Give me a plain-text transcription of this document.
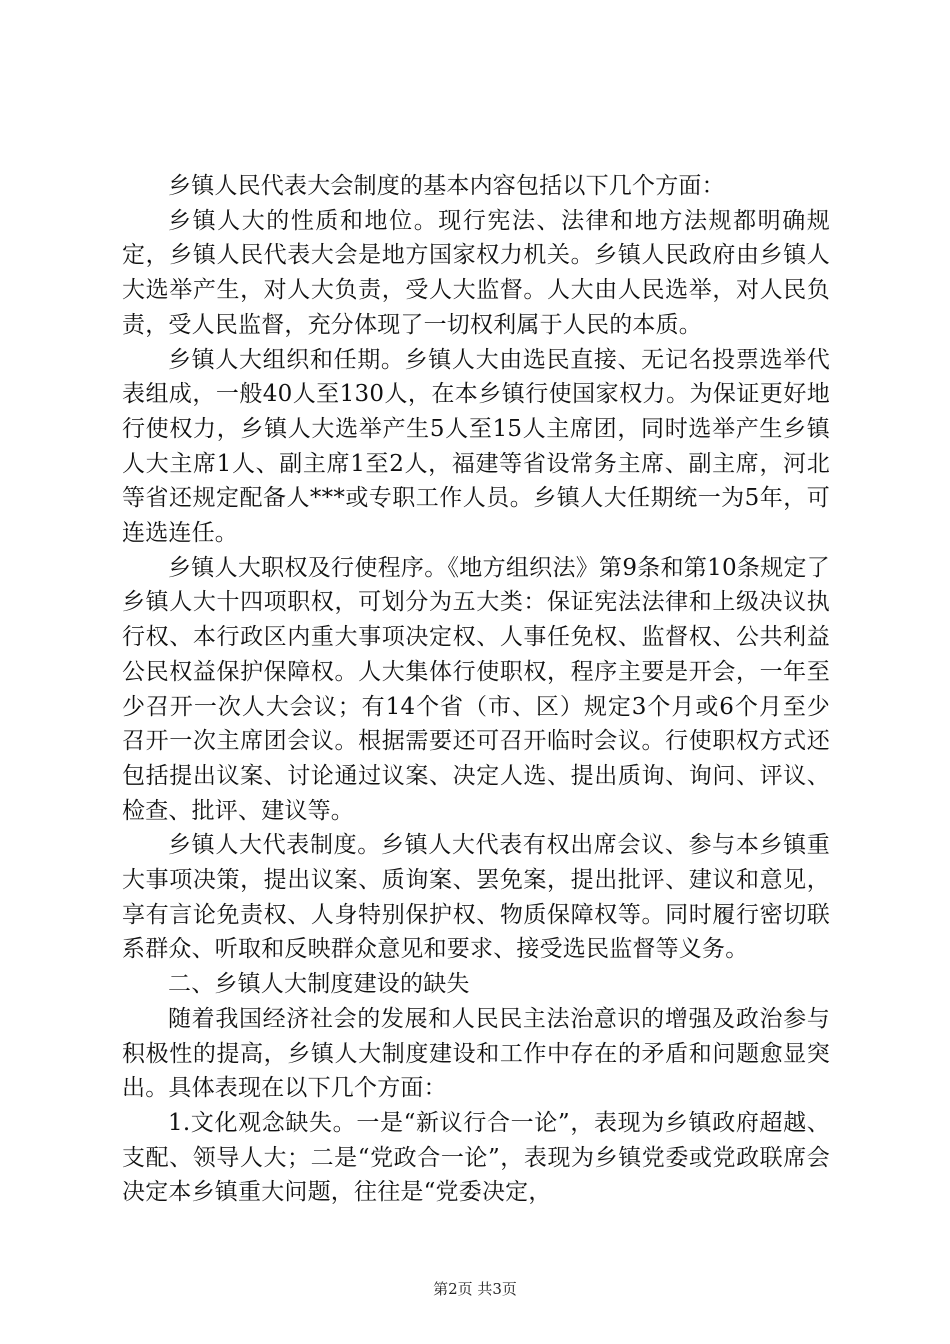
乡镇人民代表大会制度的基本内容包括以下几个方面：

乡镇人大的性质和地位。现行宪法、法律和地方法规都明确规定，乡镇人民代表大会是地方国家权力机关。乡镇人民政府由乡镇人大选举产生，对人大负责，受人大监督。人大由人民选举，对人民负责，受人民监督，充分体现了一切权利属于人民的本质。

乡镇人大组织和任期。乡镇人大由选民直接、无记名投票选举代表组成，一般40人至130人，在本乡镇行使国家权力。为保证更好地行使权力，乡镇人大选举产生5人至15人主席团，同时选举产生乡镇人大主席1人、副主席1至2人，福建等省设常务主席、副主席，河北等省还规定配备人***或专职工作人员。乡镇人大任期统一为5年，可连选连任。

乡镇人大职权及行使程序。《地方组织法》第9条和第10条规定了乡镇人大十四项职权，可划分为五大类：保证宪法法律和上级决议执行权、本行政区内重大事项决定权、人事任免权、监督权、公共利益公民权益保护保障权。人大集体行使职权，程序主要是开会，一年至少召开一次人大会议；有14个省（市、区）规定3个月或6个月至少召开一次主席团会议。根据需要还可召开临时会议。行使职权方式还包括提出议案、讨论通过议案、决定人选、提出质询、询问、评议、检查、批评、建议等。

乡镇人大代表制度。乡镇人大代表有权出席会议、参与本乡镇重大事项决策，提出议案、质询案、罢免案，提出批评、建议和意见，享有言论免责权、人身特别保护权、物质保障权等。同时履行密切联系群众、听取和反映群众意见和要求、接受选民监督等义务。

二、乡镇人大制度建设的缺失

随着我国经济社会的发展和人民民主法治意识的增强及政治参与积极性的提高，乡镇人大制度建设和工作中存在的矛盾和问题愈显突出。具体表现在以下几个方面：

1.文化观念缺失。一是“新议行合一论”，表现为乡镇政府超越、支配、领导人大；二是“党政合一论”，表现为乡镇党委或党政联席会决定本乡镇重大问题，往往是“党委决定，

第2页 共3页
